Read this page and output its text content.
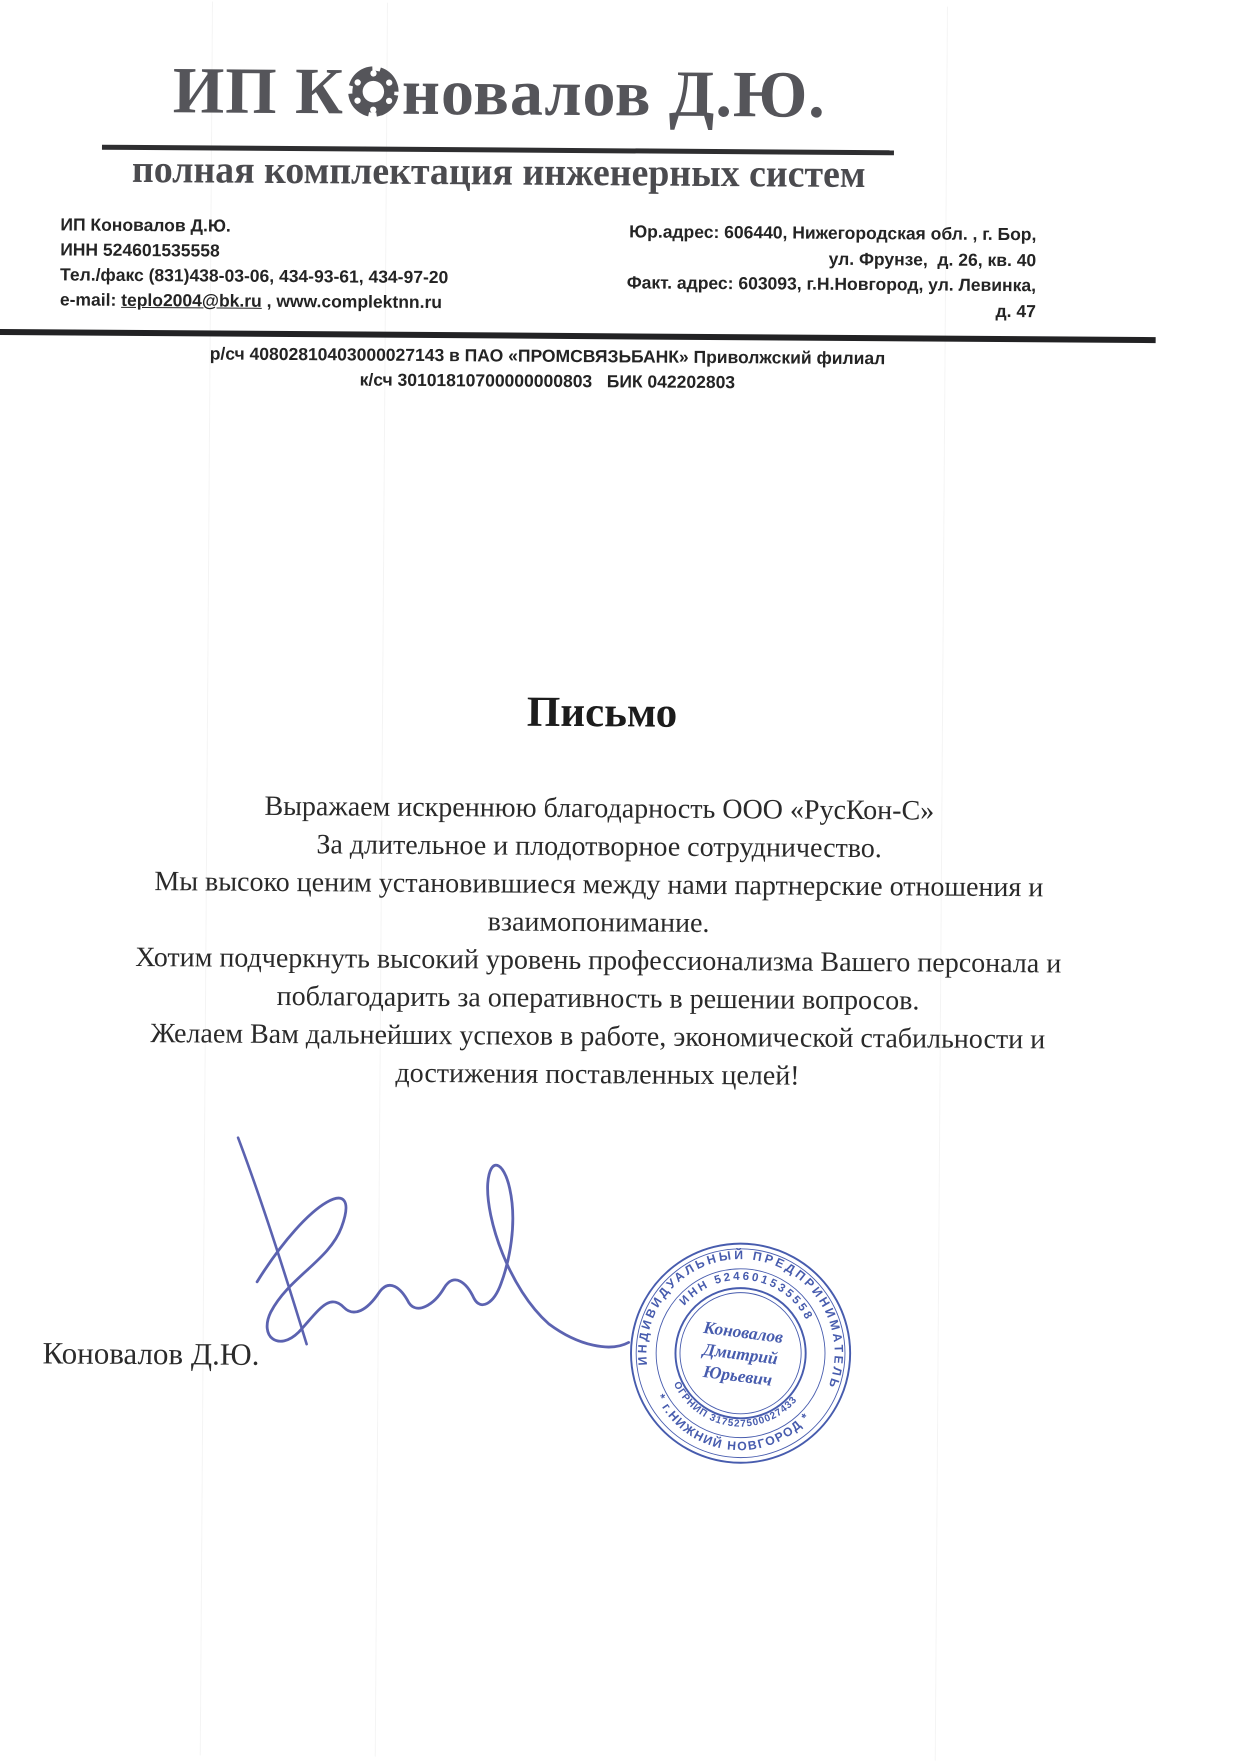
ИП К новалов Д.Ю.
полная комплектация инженерных систем
ИП Коновалов Д.Ю.
ИНН 524601535558
Тел./факс (831)438-03-06, 434-93-61, 434-97-20
e-mail: teplo2004@bk.ru , www.complektnn.ru
Юр.адрес: 606440, Нижегородская обл. , г. Бор,
ул. Фрунзе,  д. 26, кв. 40
Факт. адрес: 603093, г.Н.Новгород, ул. Левинка,
д. 47
р/сч 40802810403000027143 в ПАО «ПРОМСВЯЗЬБАНК» Приволжский филиал
к/сч 30101810700000000803   БИК 042202803
Письмо
Выражаем искреннюю благодарность ООО «РусКон-С»
За длительное и плодотворное сотрудничество.
Мы высоко ценим установившиеся между нами партнерские отношения и
взаимопонимание.
Хотим подчеркнуть высокий уровень профессионализма Вашего персонала и
поблагодарить за оперативность в решении вопросов.
Желаем Вам дальнейших успехов в работе, экономической стабильности и
достижения поставленных целей!
Коновалов Д.Ю.	ИНДИВИДУАЛЬНЫЙ ПРЕДПРИНИМАТЕЛЬ
* г.НИЖНИЙ НОВГОРОД *
ИНН 524601535558
ОГРНИП 317527500027433
Коновалов
Дмитрий
Юрьевич
